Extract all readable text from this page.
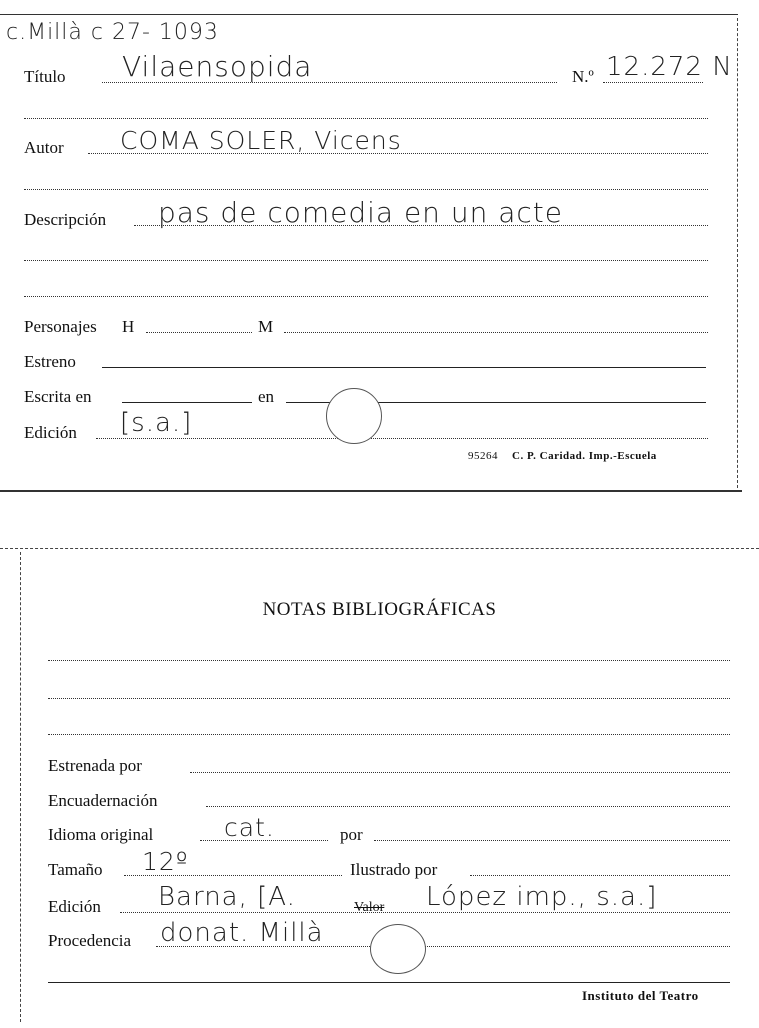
c.Millà c 27- 1093
Título Vilaensopida	N.º 12.272 N
Autor COMA SOLER, Vicens
Descripción pas de comedia en un acte
Personajes H	M
Estreno
Escrita en	en
Edición [s.a.]
95264 C. P. Caridad. Imp.-Escuela
NOTAS BIBLIOGRÁFICAS
Estrenada por
Encuadernación
Idioma original	cat.	por
Tamaño 12º	Ilustrado por
Edición Barna, [A.	Valor López imp., s.a.]
Procedencia donat. Millà
Instituto del Teatro
